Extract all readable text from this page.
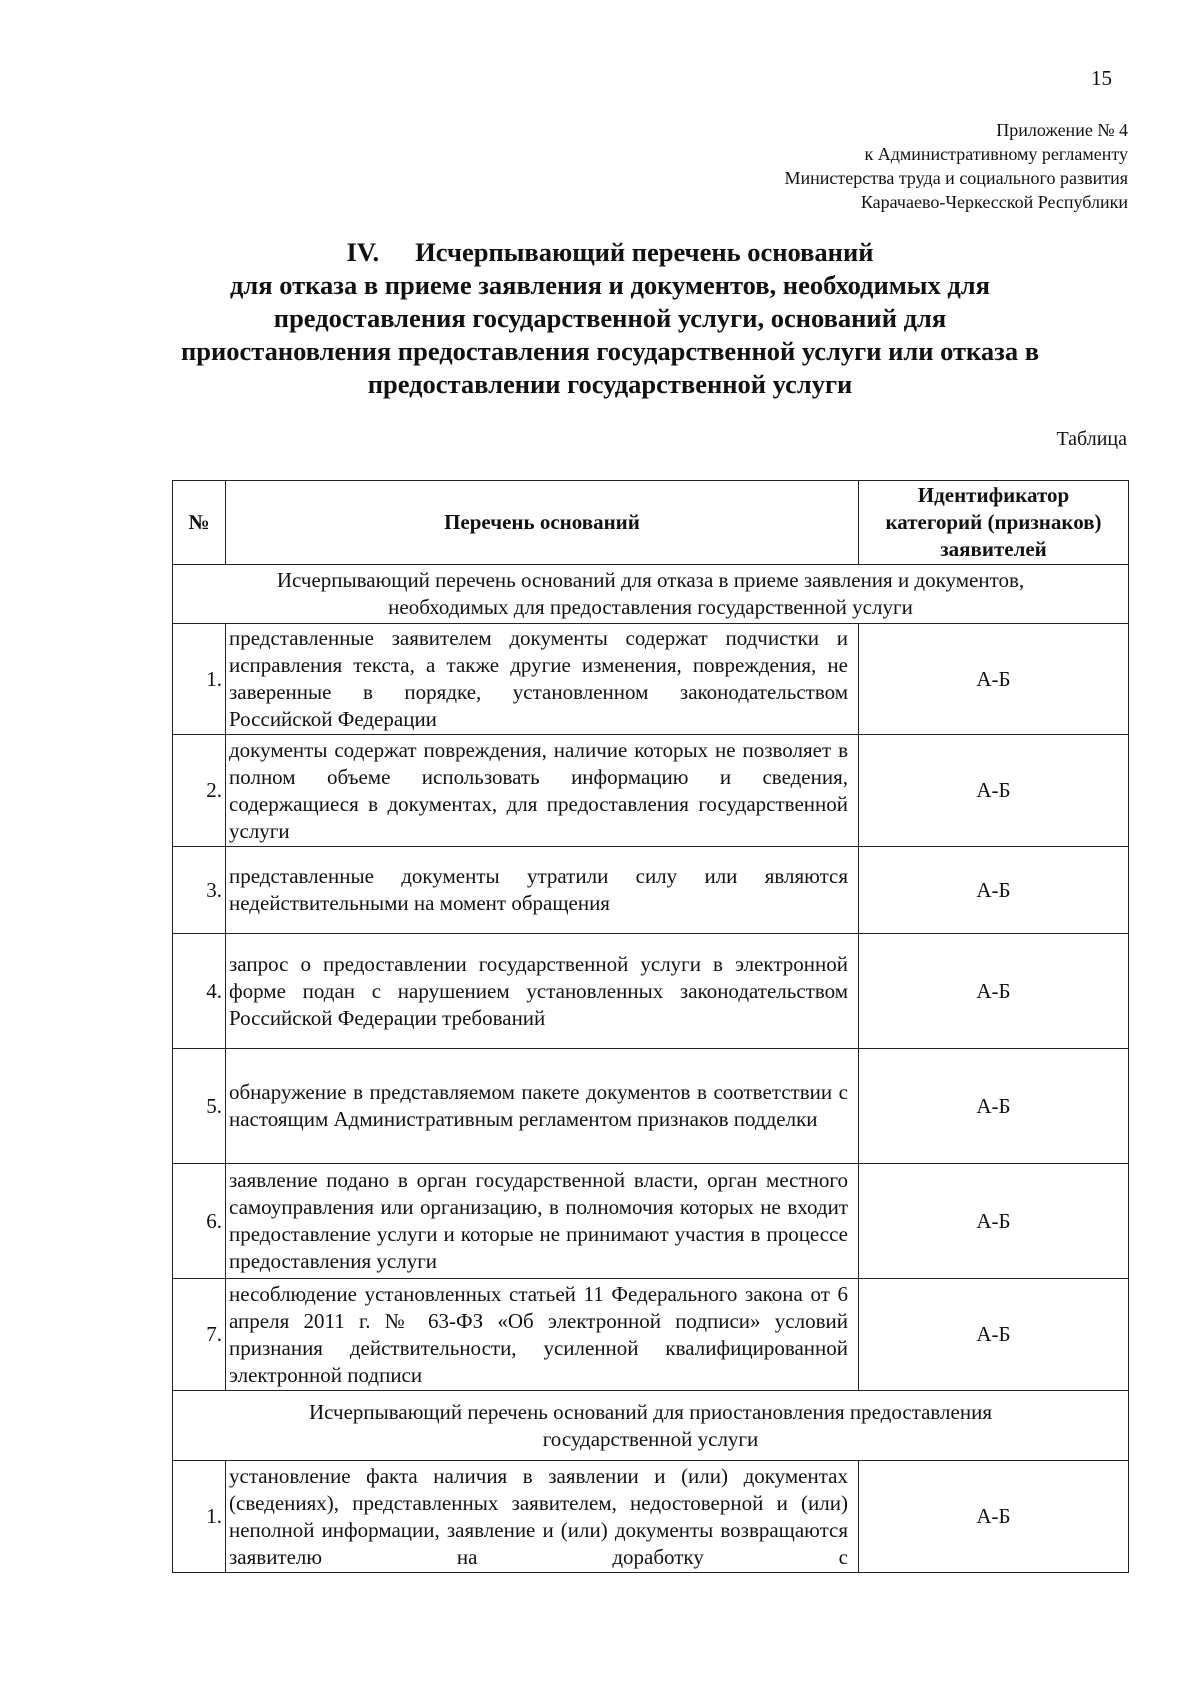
15
Приложение № 4
к Административному регламенту
Министерства труда и социального развития
Карачаево-Черкесской Республики
IV. Исчерпывающий перечень оснований
для отказа в приеме заявления и документов, необходимых для
предоставления государственной услуги, оснований для
приостановления предоставления государственной услуги или отказа в
предоставлении государственной услуги
Таблица
№	Перечень оснований	Идентификатор
категорий (признаков)
заявителей

Исчерпывающий перечень оснований для отказа в приеме заявления и документов,
необходимых для предоставления государственной услуги		

1.	представленные заявителем документы содержат подчистки и исправления текста, а также другие изменения, повреждения, не заверенные в порядке, установленном законодательством Российской Федерации	А-Б
2.	документы содержат повреждения, наличие которых не позволяет в полном объеме использовать информацию и сведения, содержащиеся в документах, для предоставления государственной услуги	А-Б
3.	представленные документы утратили силу или являются недействительными на момент обращения	А-Б
4.	запрос о предоставлении государственной услуги в электронной форме подан с нарушением установленных законодательством Российской Федерации требований	А-Б
5.	обнаружение в представляемом пакете документов в соответствии с настоящим Административным регламентом признаков подделки	А-Б
6.	заявление подано в орган государственной власти, орган местного самоуправления или организацию, в полномочия которых не входит предоставление услуги и которые не принимают участия в процессе предоставления услуги	А-Б
7.	несоблюдение установленных статьей 11 Федерального закона от 6 апреля 2011 г. № 63-ФЗ «Об электронной подписи» условий признания действительности, усиленной квалифицированной электронной подписи	А-Б

Исчерпывающий перечень оснований для приостановления предоставления
государственной услуги		

1.	установление факта наличия в заявлении и (или) документах (сведениях), представленных заявителем, недостоверной и (или) неполной информации, заявление и (или) документы возвращаются заявителю на доработку с	А-Б
